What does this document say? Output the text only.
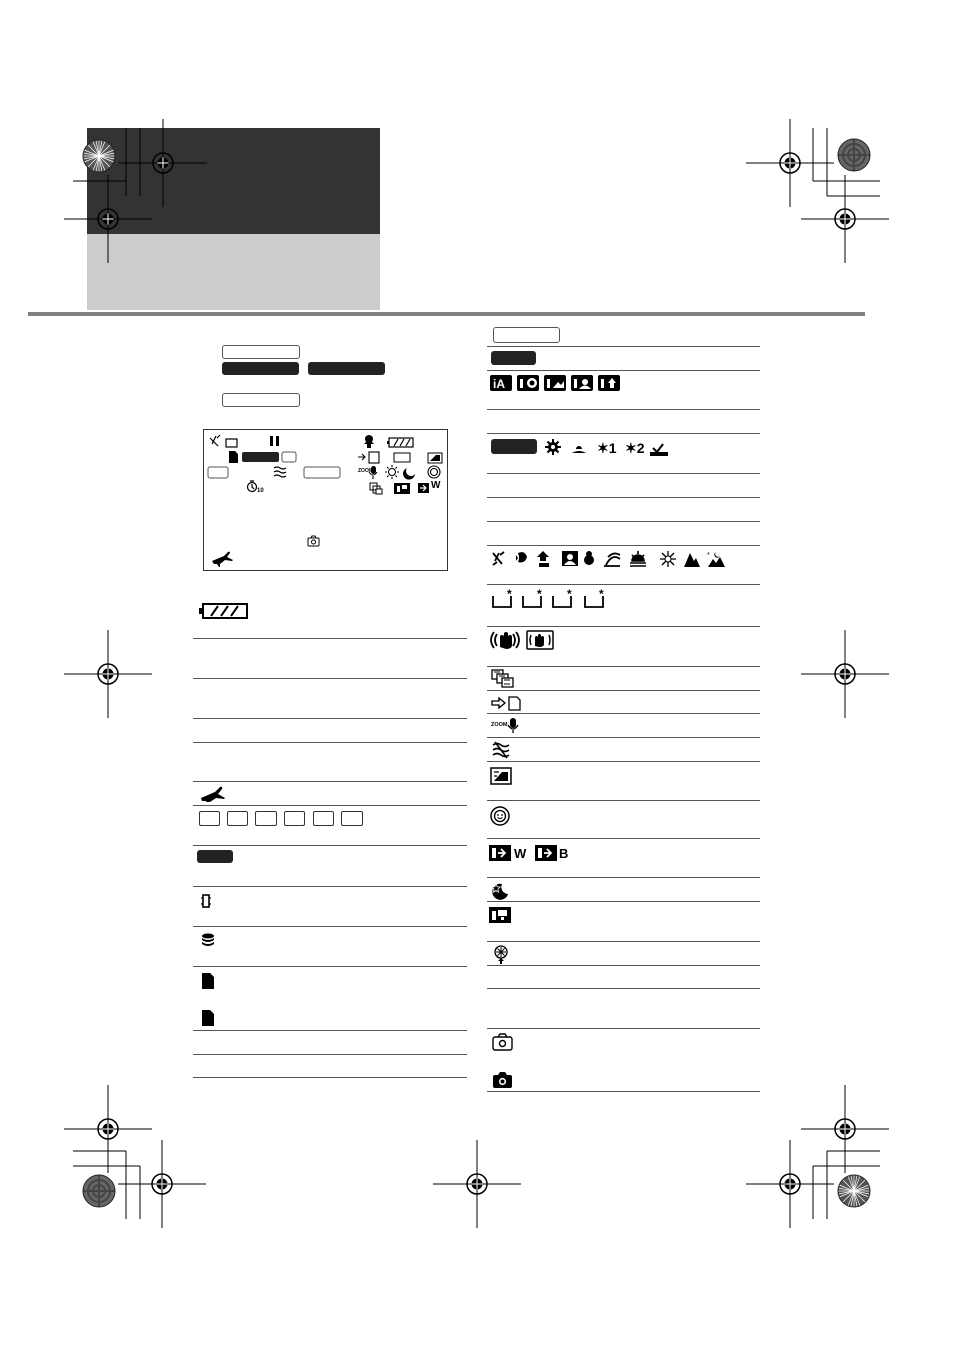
ZOOM
10	W
iA
✶1 ✶2
*
* * * *
ZOOM
W	B
